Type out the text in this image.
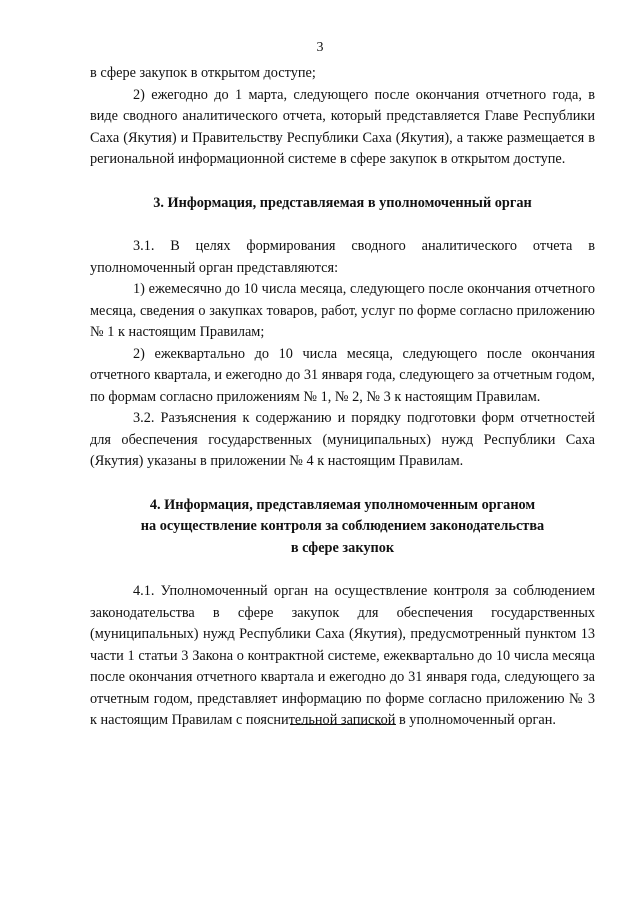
3

в сфере закупок в открытом доступе;

2) ежегодно до 1 марта, следующего после окончания отчетного года, в виде сводного аналитического отчета, который представляется Главе Республики Саха (Якутия) и Правительству Республики Саха (Якутия), а также размещается в региональной информационной системе в сфере закупок в открытом доступе.

3. Информация, представляемая в уполномоченный орган

3.1. В целях формирования сводного аналитического отчета в уполномоченный орган представляются:

1) ежемесячно до 10 числа месяца, следующего после окончания отчетного месяца, сведения о закупках товаров, работ, услуг по форме согласно приложению № 1 к настоящим Правилам;

2) ежеквартально до 10 числа месяца, следующего после окончания отчетного квартала, и ежегодно до 31 января года, следующего за отчетным годом, по формам согласно приложениям № 1, № 2, № 3 к настоящим Правилам.

3.2. Разъяснения к содержанию и порядку подготовки форм отчетностей для обеспечения государственных (муниципальных) нужд Республики Саха (Якутия) указаны в приложении № 4 к настоящим Правилам.

4. Информация, представляемая уполномоченным органом
на осуществление контроля за соблюдением законодательства
в сфере закупок

4.1. Уполномоченный орган на осуществление контроля за соблюдением законодательства в сфере закупок для обеспечения государственных (муниципальных) нужд Республики Саха (Якутия), предусмотренный пунктом 13 части 1 статьи 3 Закона о контрактной системе, ежеквартально до 10 числа месяца после окончания отчетного квартала и ежегодно до 31 января года, следующего за отчетным годом, представляет информацию по форме согласно приложению № 3 к настоящим Правилам с пояснительной запиской в уполномоченный орган.
